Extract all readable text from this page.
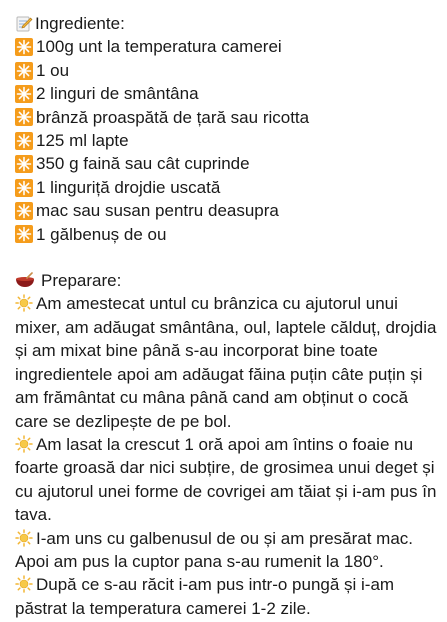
Ingrediente:
100g unt la temperatura camerei
1 ou
2 linguri de smântâna
brânză proaspătă de țară sau ricotta
125 ml lapte
350 g faină sau cât cuprinde
1 linguriță drojdie uscată
mac sau susan pentru deasupra
1 gălbenuș de ou
Preparare:

Am amestecat untul cu brânzica cu ajutorul unui mixer, am adăugat smântâna, oul, laptele călduț, drojdia și am mixat bine până s-au incorporat bine toate ingredientele apoi am adăugat făina puțin câte puțin și am frământat cu mâna până cand am obținut o cocă care se dezlipește de pe bol.

Am lasat la crescut 1 oră apoi am întins o foaie nu foarte groasă dar nici subțire, de grosimea unui deget și cu ajutorul unei forme de covrigei am tăiat și i-am pus în tava.

I-am uns cu galbenusul de ou și am presărat mac. Apoi am pus la cuptor pana s-au rumenit la 180°.

După ce s-au răcit i-am pus intr-o pungă și i-am păstrat la temperatura camerei 1-2 zile.
